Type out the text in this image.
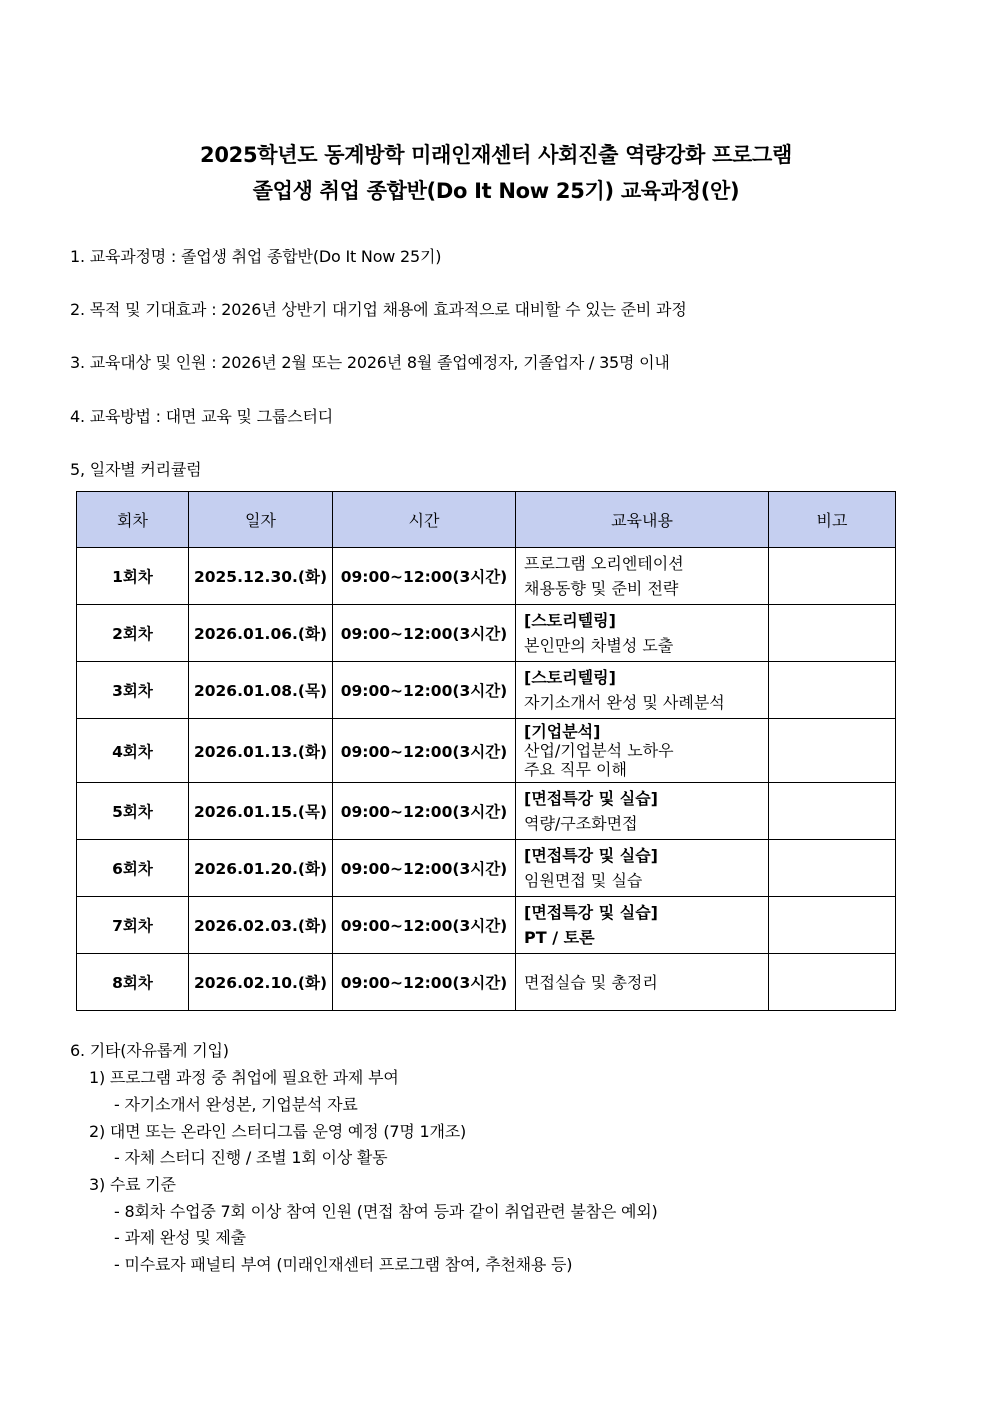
2025학년도 동계방학 미래인재센터 사회진출 역량강화 프로그램
졸업생 취업 종합반(Do It Now 25기) 교육과정(안)
1. 교육과정명 : 졸업생 취업 종합반(Do It Now 25기)
2. 목적 및 기대효과 : 2026년 상반기 대기업 채용에 효과적으로 대비할 수 있는 준비 과정
3. 교육대상 및 인원 : 2026년 2월 또는 2026년 8월 졸업예정자, 기졸업자 / 35명 이내
4. 교육방법 : 대면 교육 및 그룹스터디
5, 일자별 커리큘럼
회차	일자	시간	교육내용	비고
1회차	2025.12.30.(화)	09:00~12:00(3시간)	프로그램 오리엔테이션
채용동향 및 준비 전략	

2회차	2026.01.06.(화)	09:00~12:00(3시간)	[스토리텔링]
본인만의 차별성 도출	

3회차	2026.01.08.(목)	09:00~12:00(3시간)	[스토리텔링]
자기소개서 완성 및 사례분석	

4회차	2026.01.13.(화)	09:00~12:00(3시간)	[기업분석]
산업/기업분석 노하우
주요 직무 이해	

5회차	2026.01.15.(목)	09:00~12:00(3시간)	[면접특강 및 실습]
역량/구조화면접	

6회차	2026.01.20.(화)	09:00~12:00(3시간)	[면접특강 및 실습]
임원면접 및 실습	

7회차	2026.02.03.(화)	09:00~12:00(3시간)	[면접특강 및 실습]
PT / 토론	

8회차	2026.02.10.(화)	09:00~12:00(3시간)	면접실습 및 총정리	

6. 기타(자유롭게 기입)
1) 프로그램 과정 중 취업에 필요한 과제 부여
- 자기소개서 완성본, 기업분석 자료
2) 대면 또는 온라인 스터디그룹 운영 예정 (7명 1개조)
- 자체 스터디 진행 / 조별 1회 이상 활동
3) 수료 기준
- 8회차 수업중 7회 이상 참여 인원 (면접 참여 등과 같이 취업관련 불참은 예외)
- 과제 완성 및 제출
- 미수료자 패널티 부여 (미래인재센터 프로그램 참여, 추천채용 등)
